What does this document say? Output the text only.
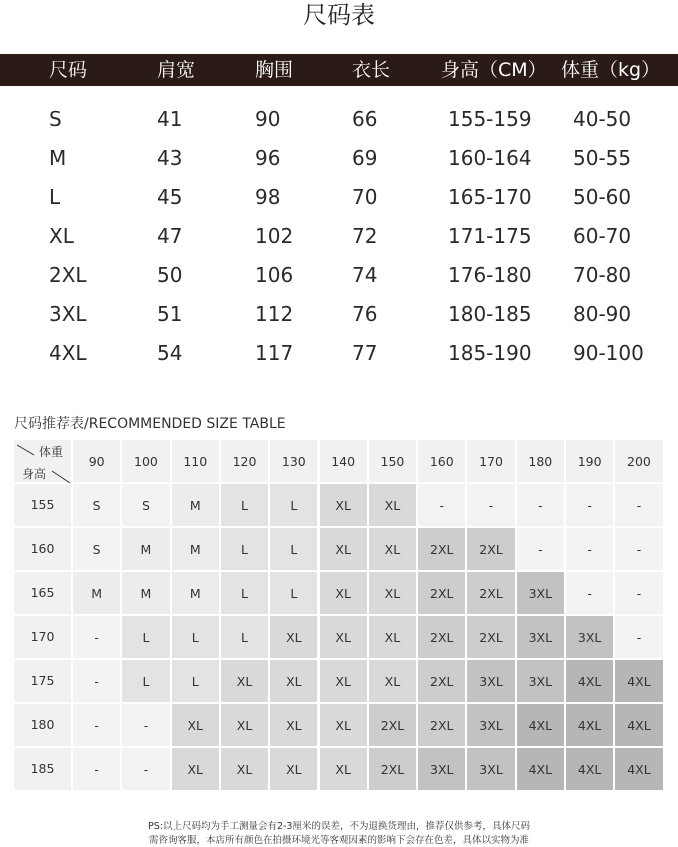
尺码表
尺码	肩宽	胸围	衣长	身高（CM） 体重（kg）
S	41	90	66	155-159 40-50
M	43	96	69	160-164 50-55
L	45	98	70	165-170 50-60
XL	47	102	72	171-175 60-70
2XL	50	106	74	176-180 70-80
3XL	51	112	76	180-185 80-90
4XL	54	117	77	185-190 90-100
尺码推荐表/RECOMMENDED SIZE TABLE
体重
身高
90	100	110	120	130	140	150	160	170	180	190	200
155	S	S	M	L	L	XL	XL	-	-	-	-	-
160	S	M	M	L	L	XL	XL	2XL	2XL	-	-	-
165	M	M	M	L	L	XL	XL	2XL	2XL	3XL	-	-
170	-	L	L	L	XL	XL	XL	2XL	2XL	3XL	3XL	-
175	-	L	L	XL	XL	XL	XL	2XL	3XL	3XL	4XL	4XL
180	-	-	XL	XL	XL	XL	2XL	2XL	3XL	4XL	4XL	4XL
185	-	-	XL	XL	XL	XL	2XL	3XL	3XL	4XL	4XL	4XL
PS:以上尺码均为手工测量会有2-3厘米的误差，不为退换货理由，推荐仅供参考，具体尺码
需咨询客服，本店所有颜色在拍摄环境光等客观因素的影响下会存在色差，具体以实物为准
